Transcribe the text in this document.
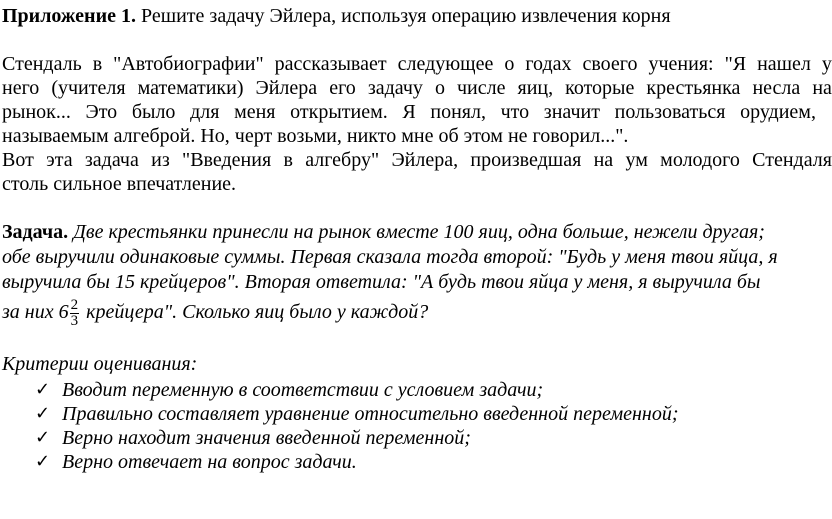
Приложение 1. Решите задачу Эйлера, используя операцию извлечения корня
Стендаль в "Автобиографии" рассказывает следующее о годах своего учения: "Я нашел у
него (учителя математики) Эйлера его задачу о числе яиц, которые крестьянка несла на
рынок... Это было для меня открытием. Я понял, что значит пользоваться орудием,
называемым алгеброй. Но, черт возьми, никто мне об этом не говорил...".
Вот эта задача из "Введения в алгебру" Эйлера, произведшая на ум молодого Стендаля
столь сильное впечатление.
Задача. Две крестьянки принесли на рынок вместе 100 яиц, одна больше, нежели другая;
обе выручили одинаковые суммы. Первая сказала тогда второй: "Будь у меня твои яйца, я
выручила бы 15 крейцеров". Вторая ответила: "А будь твои яйца у меня, я выручила бы
за них $6 \frac{2}{3}$ крейцера". Сколько яиц было у каждой?
Критерии оценивания:
✓ Вводит переменную в соответствии с условием задачи;
✓ Правильно составляет уравнение относительно введенной переменной;
✓ Верно находит значения введенной переменной;
✓ Верно отвечает на вопрос задачи.
